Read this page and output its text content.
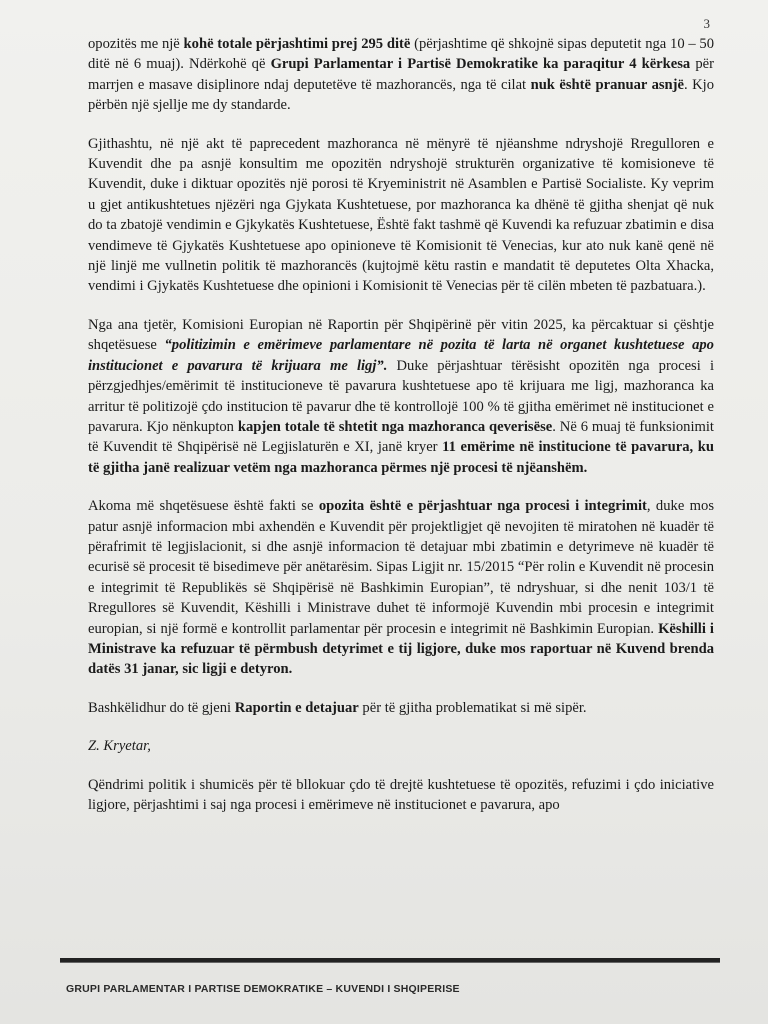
3

opozitës me një kohë totale përjashtimi prej 295 ditë (përjashtime që shkojnë sipas deputetit nga 10 – 50 ditë në 6 muaj). Ndërkohë që Grupi Parlamentar i Partisë Demokratike ka paraqitur 4 kërkesa për marrjen e masave disiplinore ndaj deputetëve të mazhorancës, nga të cilat nuk është pranuar asnjë. Kjo përbën një sjellje me dy standarde.

Gjithashtu, në një akt të paprecedent mazhoranca në mënyrë të njëanshme ndryshojë Rregulloren e Kuvendit dhe pa asnjë konsultim me opozitën ndryshojë strukturën organizative të komisioneve të Kuvendit, duke i diktuar opozitës një porosi të Kryeministrit në Asamblen e Partisë Socialiste. Ky veprim u gjet antikushtetues njëzëri nga Gjykata Kushtetuese, por mazhoranca ka dhënë të gjitha shenjat që nuk do ta zbatojë vendimin e Gjkykatës Kushtetuese, Është fakt tashmë që Kuvendi ka refuzuar zbatimin e disa vendimeve të Gjykatës Kushtetuese apo opinioneve të Komisionit të Venecias, kur ato nuk kanë qenë në një linjë me vullnetin politik të mazhorancës (kujtojmë këtu rastin e mandatit të deputetes Olta Xhacka, vendimi i Gjykatës Kushtetuese dhe opinioni i Komisionit të Venecias për të cilën mbeten të pazbatuara.).

Nga ana tjetër, Komisioni Europian në Raportin për Shqipërinë për vitin 2025, ka përcaktuar si çështje shqetësuese “politizimin e emërimeve parlamentare në pozita të larta në organet kushtetuese apo institucionet e pavarura të krijuara me ligj”. Duke përjashtuar tërësisht opozitën nga procesi i përzgjedhjes/emërimit të institucioneve të pavarura kushtetuese apo të krijuara me ligj, mazhoranca ka arritur të politizojë çdo institucion të pavarur dhe të kontrollojë 100 % të gjitha emërimet në institucionet e pavarura. Kjo nënkupton kapjen totale të shtetit nga mazhoranca qeverisëse. Në 6 muaj të funksionimit të Kuvendit të Shqipërisë në Legjislaturën e XI, janë kryer 11 emërime në institucione të pavarura, ku të gjitha janë realizuar vetëm nga mazhoranca përmes një procesi të njëanshëm.

Akoma më shqetësuese është fakti se opozita është e përjashtuar nga procesi i integrimit, duke mos patur asnjë informacion mbi axhendën e Kuvendit për projektligjet që nevojiten të miratohen në kuadër të përafrimit të legjislacionit, si dhe asnjë informacion të detajuar mbi zbatimin e detyrimeve në kuadër të ecurisë së procesit të bisedimeve për anëtarësim. Sipas Ligjit nr. 15/2015 “Për rolin e Kuvendit në procesin e integrimit të Republikës së Shqipërisë në Bashkimin Europian”, të ndryshuar, si dhe nenit 103/1 të Rregullores së Kuvendit, Këshilli i Ministrave duhet të informojë Kuvendin mbi procesin e integrimit europian, si një formë e kontrollit parlamentar për procesin e integrimit në Bashkimin Europian. Këshilli i Ministrave ka refuzuar të përmbush detyrimet e tij ligjore, duke mos raportuar në Kuvend brenda datës 31 janar, sic ligji e detyron.

Bashkëlidhur do të gjeni Raportin e detajuar për të gjitha problematikat si më sipër.

Z. Kryetar,

Qëndrimi politik i shumicës për të bllokuar çdo të drejtë kushtetuese të opozitës, refuzimi i çdo iniciative ligjore, përjashtimi i saj nga procesi i emërimeve në institucionet e pavarura, apo

GRUPI PARLAMENTAR I PARTISE DEMOKRATIKE – KUVENDI I SHQIPERISE
